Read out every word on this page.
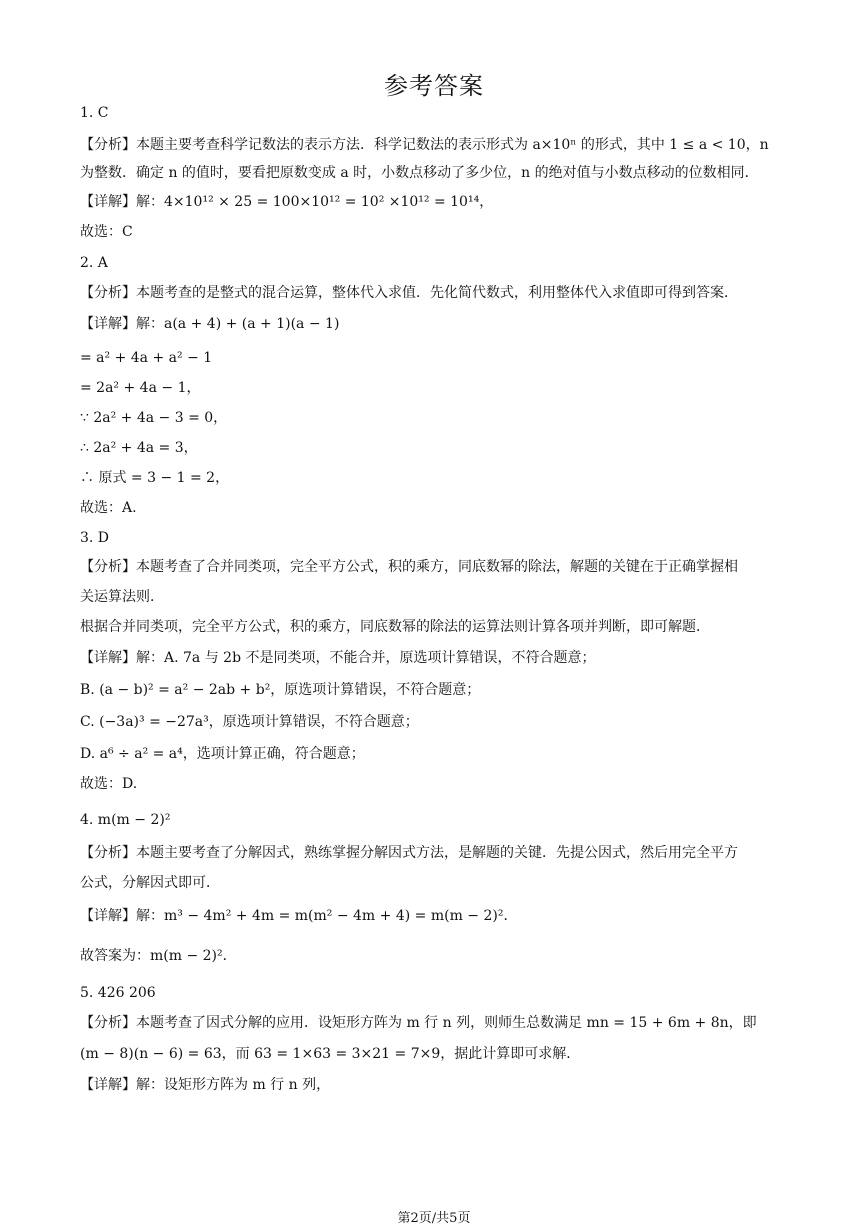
参考答案
1. C
【分析】本题主要考查科学记数法的表示方法．科学记数法的表示形式为 a×10ⁿ 的形式，其中 1 ≤ a < 10，n
为整数．确定 n 的值时，要看把原数变成 a 时，小数点移动了多少位，n 的绝对值与小数点移动的位数相同．
【详解】解：4×10¹² × 25 = 100×10¹² = 10² ×10¹² = 10¹⁴，
故选：C
2. A
【分析】本题考查的是整式的混合运算，整体代入求值．先化简代数式，利用整体代入求值即可得到答案．
【详解】解：a(a + 4) + (a + 1)(a − 1)
= a² + 4a + a² − 1
= 2a² + 4a − 1，
∵ 2a² + 4a − 3 = 0，
∴ 2a² + 4a = 3，
∴ 原式 = 3 − 1 = 2，
故选：A.
3. D
【分析】本题考查了合并同类项，完全平方公式，积的乘方，同底数幂的除法，解题的关键在于正确掌握相
关运算法则．
根据合并同类项，完全平方公式，积的乘方，同底数幂的除法的运算法则计算各项并判断，即可解题．
【详解】解：A. 7a 与 2b 不是同类项，不能合并，原选项计算错误，不符合题意；
B. (a − b)² = a² − 2ab + b²，原选项计算错误，不符合题意；
C. (−3a)³ = −27a³，原选项计算错误，不符合题意；
D. a⁶ ÷ a² = a⁴，选项计算正确，符合题意；
故选：D.
4. m(m − 2)²
【分析】本题主要考查了分解因式，熟练掌握分解因式方法，是解题的关键．先提公因式，然后用完全平方
公式，分解因式即可．
【详解】解：m³ − 4m² + 4m = m(m² − 4m + 4) = m(m − 2)²．
故答案为：m(m − 2)²．
5. 426 206
【分析】本题考查了因式分解的应用．设矩形方阵为 m 行 n 列，则师生总数满足 mn = 15 + 6m + 8n，即
(m − 8)(n − 6) = 63，而 63 = 1×63 = 3×21 = 7×9，据此计算即可求解．
【详解】解：设矩形方阵为 m 行 n 列，
第2页/共5页
